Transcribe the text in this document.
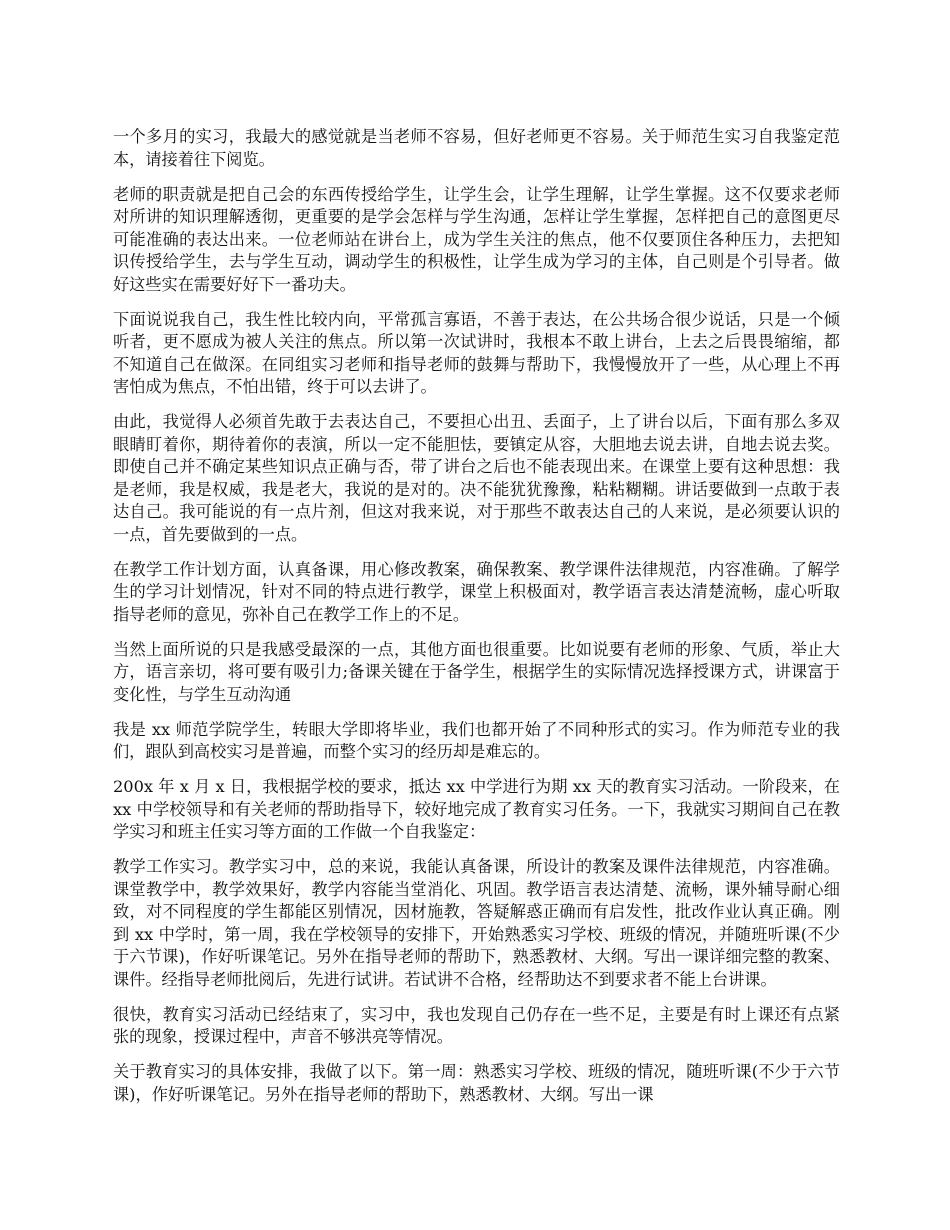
一个多月的实习，我最大的感觉就是当老师不容易，但好老师更不容易。关于师范生实习自我鉴定范本，请接着往下阅览。

老师的职责就是把自己会的东西传授给学生，让学生会，让学生理解，让学生掌握。这不仅要求老师对所讲的知识理解透彻，更重要的是学会怎样与学生沟通，怎样让学生掌握，怎样把自己的意图更尽可能准确的表达出来。一位老师站在讲台上，成为学生关注的焦点，他不仅要顶住各种压力，去把知识传授给学生，去与学生互动，调动学生的积极性，让学生成为学习的主体，自己则是个引导者。做好这些实在需要好好下一番功夫。

下面说说我自己，我生性比较内向，平常孤言寡语，不善于表达，在公共场合很少说话，只是一个倾听者，更不愿成为被人关注的焦点。所以第一次试讲时，我根本不敢上讲台，上去之后畏畏缩缩，都不知道自己在做深。在同组实习老师和指导老师的鼓舞与帮助下，我慢慢放开了一些，从心理上不再害怕成为焦点，不怕出错，终于可以去讲了。

由此，我觉得人必须首先敢于去表达自己，不要担心出丑、丢面子，上了讲台以后，下面有那么多双眼睛盯着你，期待着你的表演，所以一定不能胆怯，要镇定从容，大胆地去说去讲，自地去说去奖。即使自己并不确定某些知识点正确与否，带了讲台之后也不能表现出来。在课堂上要有这种思想：我是老师，我是权威，我是老大，我说的是对的。决不能犹犹豫豫，粘粘糊糊。讲话要做到一点敢于表达自己。我可能说的有一点片剂，但这对我来说，对于那些不敢表达自己的人来说，是必须要认识的一点，首先要做到的一点。

在教学工作计划方面，认真备课，用心修改教案，确保教案、教学课件法律规范，内容准确。了解学生的学习计划情况，针对不同的特点进行教学，课堂上积极面对，教学语言表达清楚流畅，虚心听取指导老师的意见，弥补自己在教学工作上的不足。

当然上面所说的只是我感受最深的一点，其他方面也很重要。比如说要有老师的形象、气质，举止大方，语言亲切，将可要有吸引力;备课关键在于备学生，根据学生的实际情况选择授课方式，讲课富于变化性，与学生互动沟通

我是 xx 师范学院学生，转眼大学即将毕业，我们也都开始了不同种形式的实习。作为师范专业的我们，跟队到高校实习是普遍，而整个实习的经历却是难忘的。

200x 年 x 月 x 日，我根据学校的要求，抵达 xx 中学进行为期 xx 天的教育实习活动。一阶段来，在 xx 中学校领导和有关老师的帮助指导下，较好地完成了教育实习任务。一下，我就实习期间自己在教学实习和班主任实习等方面的工作做一个自我鉴定：

教学工作实习。教学实习中，总的来说，我能认真备课，所设计的教案及课件法律规范，内容准确。课堂教学中，教学效果好，教学内容能当堂消化、巩固。教学语言表达清楚、流畅，课外辅导耐心细致，对不同程度的学生都能区别情况，因材施教，答疑解惑正确而有启发性，批改作业认真正确。刚到 xx 中学时，第一周，我在学校领导的安排下，开始熟悉实习学校、班级的情况，并随班听课(不少于六节课)，作好听课笔记。另外在指导老师的帮助下，熟悉教材、大纲。写出一课详细完整的教案、课件。经指导老师批阅后，先进行试讲。若试讲不合格，经帮助达不到要求者不能上台讲课。

很快，教育实习活动已经结束了，实习中，我也发现自己仍存在一些不足，主要是有时上课还有点紧张的现象，授课过程中，声音不够洪亮等情况。

关于教育实习的具体安排，我做了以下。第一周：熟悉实习学校、班级的情况，随班听课(不少于六节课)，作好听课笔记。另外在指导老师的帮助下，熟悉教材、大纲。写出一课
